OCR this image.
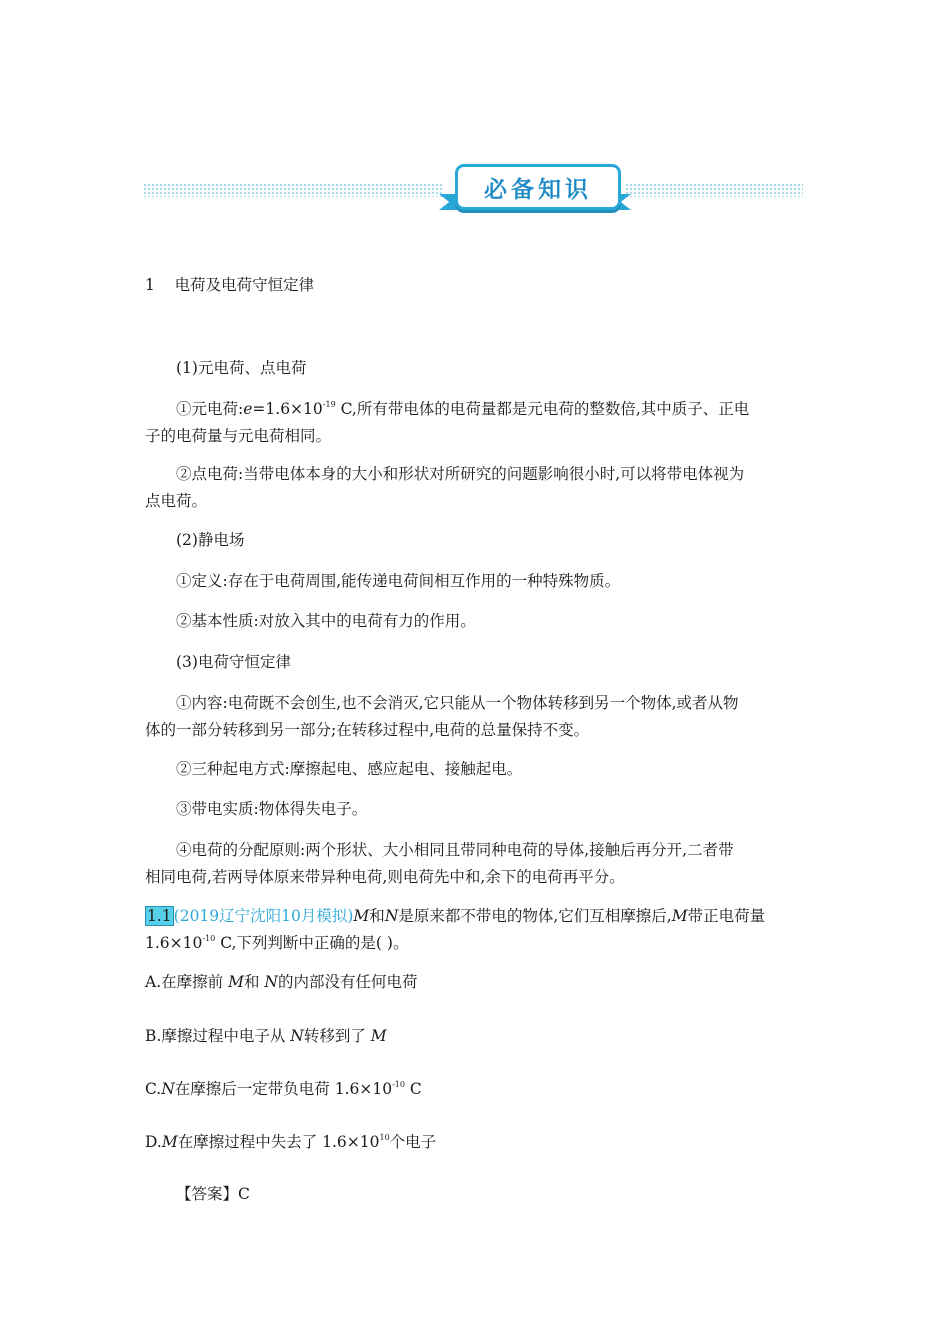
必备知识

1 电荷及电荷守恒定律

(1)元电荷、点电荷

①元电荷$:e=1.6\times 10^{-19}$ C,所有带电体的电荷量都是元电荷的整数倍,其中质子、正电
子的电荷量与元电荷相同。

②点电荷:当带电体本身的大小和形状对所研究的问题影响很小时,可以将带电体视为
点电荷。

(2)静电场

①定义:存在于电荷周围,能传递电荷间相互作用的一种特殊物质。

②基本性质:对放入其中的电荷有力的作用。

(3)电荷守恒定律

①内容:电荷既不会创生,也不会消灭,它只能从一个物体转移到另一个物体,或者从物
体的一部分转移到另一部分;在转移过程中,电荷的总量保持不变。

②三种起电方式:摩擦起电、感应起电、接触起电。

③带电实质:物体得失电子。

④电荷的分配原则:两个形状、大小相同且带同种电荷的导体,接触后再分开,二者带
相同电荷,若两导体原来带异种电荷,则电荷先中和,余下的电荷再平分。

1.1 (2019辽宁沈阳10月模拟)M和N是原来都不带电的物体,它们互相摩擦后,M带正电荷量
$1.6\times 10^{-10}$ C,下列判断中正确的是( )。

A.在摩擦前 M和 N的内部没有任何电荷

B.摩擦过程中电子从 N转移到了 M

C.N在摩擦后一定带负电荷 $1.6\times 10^{-10}$ C

D.M在摩擦过程中失去了 $1.6\times 10^{10}$个电子

【答案】C
